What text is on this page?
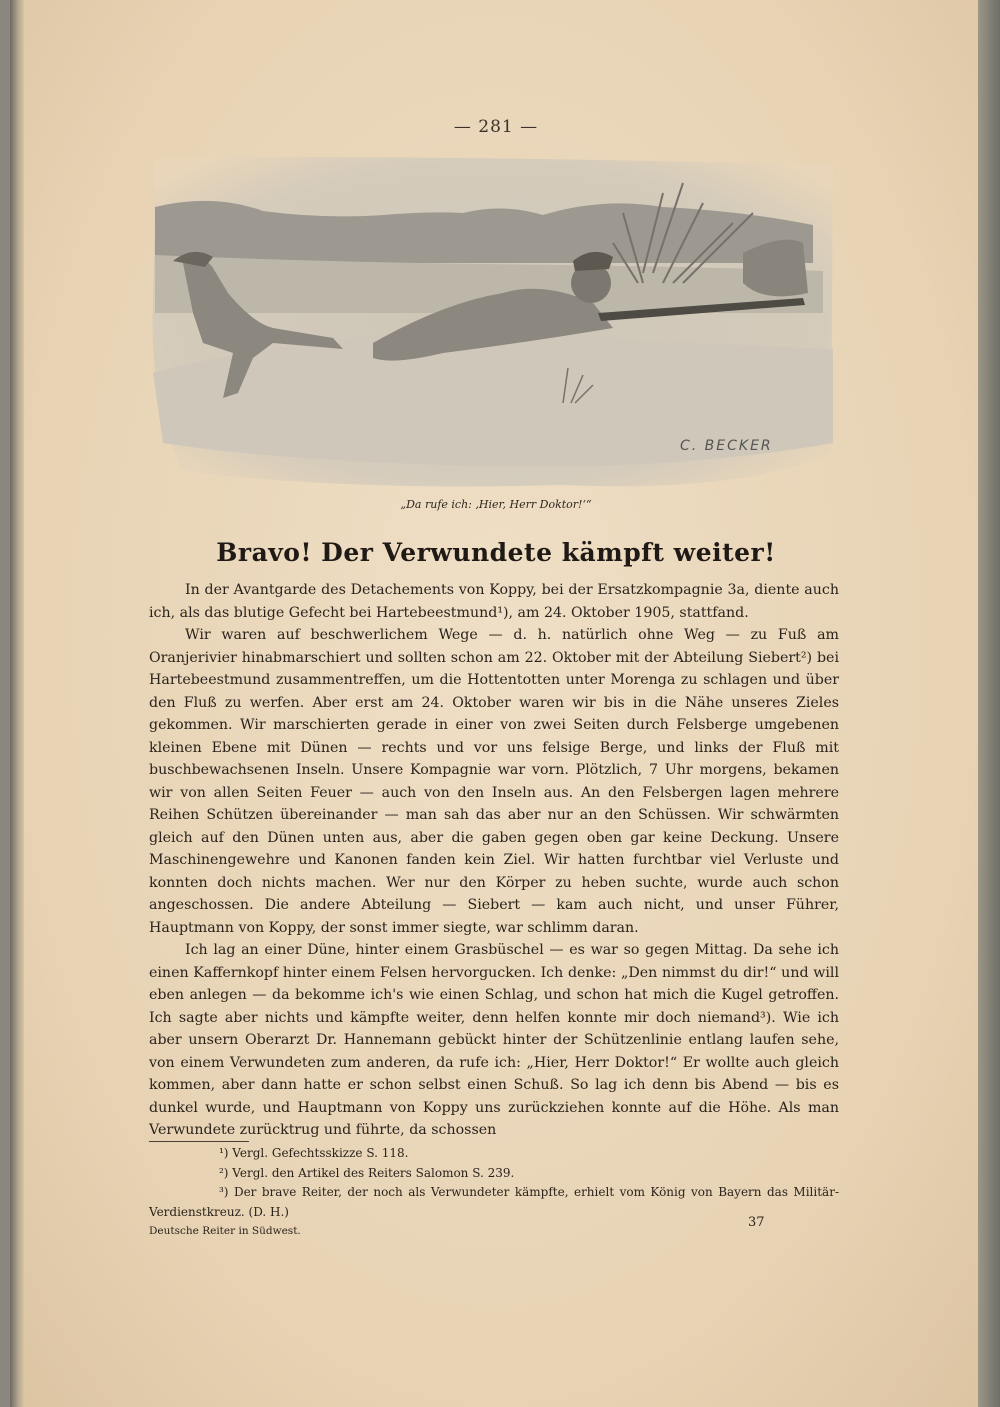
— 281 —
C. BECKER
„Da rufe ich: ‚Hier, Herr Doktor!‘“
Bravo! Der Verwundete kämpft weiter!

In der Avantgarde des Detachements von Koppy, bei der Ersatzkompagnie 3a, diente auch ich, als das blutige Gefecht bei Hartebeestmund¹), am 24. Oktober 1905, stattfand.

Wir waren auf beschwerlichem Wege — d. h. natürlich ohne Weg — zu Fuß am Oranjerivier hinabmarschiert und sollten schon am 22. Oktober mit der Abteilung Siebert²) bei Hartebeestmund zusammentreffen, um die Hottentotten unter Morenga zu schlagen und über den Fluß zu werfen. Aber erst am 24. Oktober waren wir bis in die Nähe unseres Zieles gekommen. Wir marschierten gerade in einer von zwei Seiten durch Felsberge umgebenen kleinen Ebene mit Dünen — rechts und vor uns felsige Berge, und links der Fluß mit buschbewachsenen Inseln. Unsere Kompagnie war vorn. Plötzlich, 7 Uhr morgens, bekamen wir von allen Seiten Feuer — auch von den Inseln aus. An den Felsbergen lagen mehrere Reihen Schützen übereinander — man sah das aber nur an den Schüssen. Wir schwärmten gleich auf den Dünen unten aus, aber die gaben gegen oben gar keine Deckung. Unsere Maschinengewehre und Kanonen fanden kein Ziel. Wir hatten furchtbar viel Verluste und konnten doch nichts machen. Wer nur den Körper zu heben suchte, wurde auch schon angeschossen. Die andere Abteilung — Siebert — kam auch nicht, und unser Führer, Hauptmann von Koppy, der sonst immer siegte, war schlimm daran.

Ich lag an einer Düne, hinter einem Grasbüschel — es war so gegen Mittag. Da sehe ich einen Kaffernkopf hinter einem Felsen hervorgucken. Ich denke: „Den nimmst du dir!“ und will eben anlegen — da bekomme ich's wie einen Schlag, und schon hat mich die Kugel getroffen. Ich sagte aber nichts und kämpfte weiter, denn helfen konnte mir doch niemand³). Wie ich aber unsern Oberarzt Dr. Hannemann gebückt hinter der Schützenlinie entlang laufen sehe, von einem Verwundeten zum anderen, da rufe ich: „Hier, Herr Doktor!“ Er wollte auch gleich kommen, aber dann hatte er schon selbst einen Schuß. So lag ich denn bis Abend — bis es dunkel wurde, und Hauptmann von Koppy uns zurückziehen konnte auf die Höhe. Als man Verwundete zurücktrug und führte, da schossen

¹) Vergl. Gefechtsskizze S. 118.
²) Vergl. den Artikel des Reiters Salomon S. 239.
³) Der brave Reiter, der noch als Verwundeter kämpfte, erhielt vom König von Bayern das Militär-Verdienstkreuz. (D. H.)
Deutsche Reiter in Südwest.
37
